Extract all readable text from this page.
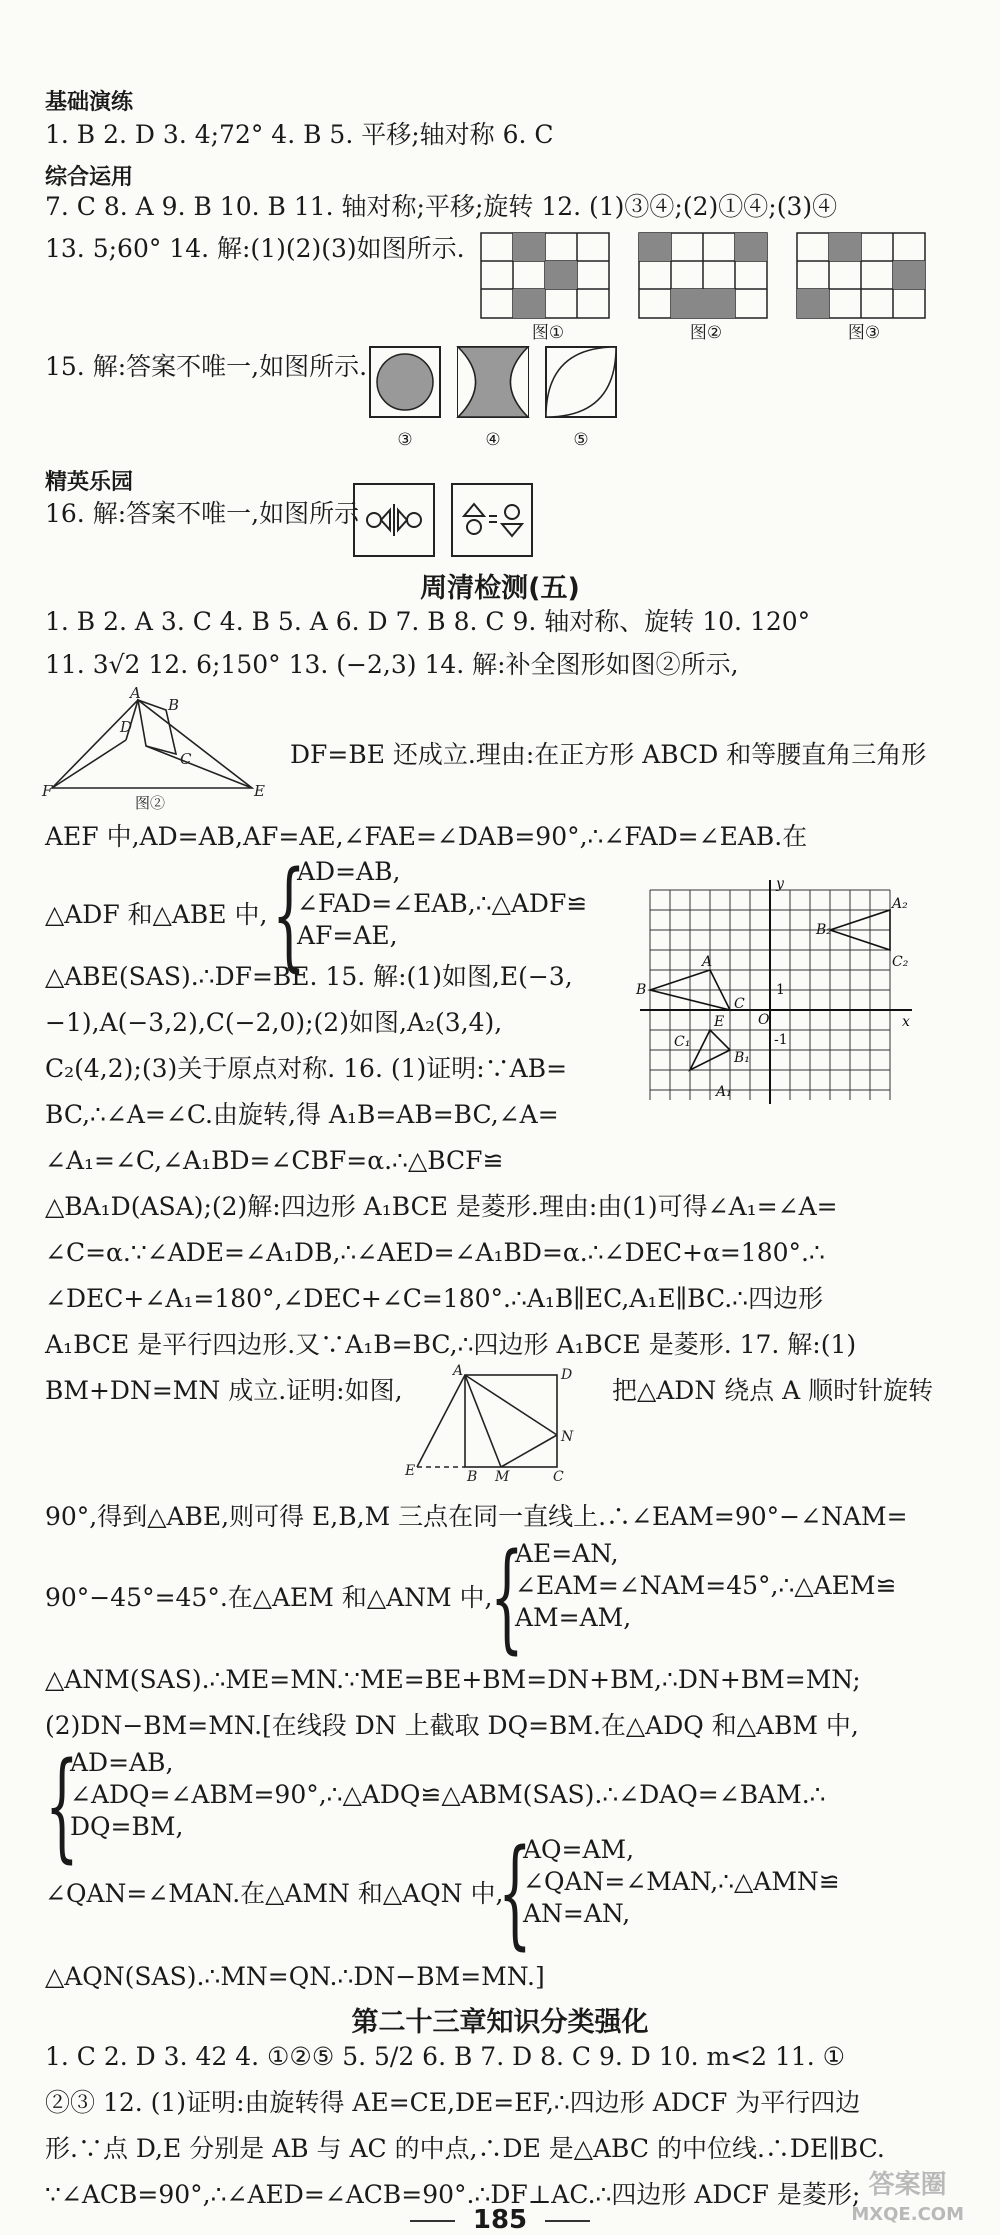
基础演练
1. B 2. D 3. 4;72° 4. B 5. 平移;轴对称 6. C
综合运用
7. C 8. A 9. B 10. B 11. 轴对称;平移;旋转 12. (1)③④;(2)①④;(3)④
13. 5;60° 14. 解:(1)(2)(3)如图所示.
图①	图②	图③
15. 解:答案不唯一,如图所示.
③	④	⑤
精英乐园
16. 解:答案不唯一,如图所示
周清检测(五)
1. B 2. A 3. C 4. B 5. A 6. D 7. B 8. C 9. 轴对称、旋转 10. 120°
11. 3√2 12. 6;150° 13. (−2,3) 14. 解:补全图形如图②所示,
A
B
C
D
E
F
图②
DF=BE 还成立.理由:在正方形 ABCD 和等腰直角三角形
AEF 中,AD=AB,AF=AE,∠FAE=∠DAB=90°,∴∠FAD=∠EAB.在
△ADF 和△ABE 中, {
AD=AB,
∠FAD=∠EAB,∴△ADF≌
AF=AE,
y
x
O
1
-1
A
B
C
E
A₁
B₁
C₁
A₂
B₂
C₂
△ABE(SAS).∴DF=BE. 15. 解:(1)如图,E(−3,
−1),A(−3,2),C(−2,0);(2)如图,A₂(3,4),
C₂(4,2);(3)关于原点对称. 16. (1)证明:∵AB=
BC,∴∠A=∠C.由旋转,得 A₁B=AB=BC,∠A=
∠A₁=∠C,∠A₁BD=∠CBF=α.∴△BCF≌
△BA₁D(ASA);(2)解:四边形 A₁BCE 是菱形.理由:由(1)可得∠A₁=∠A=
∠C=α.∵∠ADE=∠A₁DB,∴∠AED=∠A₁BD=α.∴∠DEC+α=180°.∴
∠DEC+∠A₁=180°,∠DEC+∠C=180°.∴A₁B∥EC,A₁E∥BC.∴四边形
A₁BCE 是平行四边形.又∵A₁B=BC,∴四边形 A₁BCE 是菱形. 17. 解:(1)
BM+DN=MN 成立.证明:如图,	把△ADN 绕点 A 顺时针旋转
A	D
N
B M	C
E
90°,得到△ABE,则可得 E,B,M 三点在同一直线上.∴∠EAM=90°−∠NAM=
90°−45°=45°.在△AEM 和△ANM 中,
{
AE=AN,
∠EAM=∠NAM=45°,∴△AEM≌
AM=AM,
△ANM(SAS).∴ME=MN.∵ME=BE+BM=DN+BM,∴DN+BM=MN;
(2)DN−BM=MN.[在线段 DN 上截取 DQ=BM.在△ADQ 和△ABM 中,
{
AD=AB,
∠ADQ=∠ABM=90°,∴△ADQ≌△ABM(SAS).∴∠DAQ=∠BAM.∴
DQ=BM,
∠QAN=∠MAN.在△AMN 和△AQN 中,
{
AQ=AM,
∠QAN=∠MAN,∴△AMN≌
AN=AN,
△AQN(SAS).∴MN=QN.∴DN−BM=MN.]
第二十三章知识分类强化
1. C 2. D 3. 42 4. ①②⑤ 5. 5/2 6. B 7. D 8. C 9. D 10. m<2 11. ①
②③ 12. (1)证明:由旋转得 AE=CE,DE=EF,∴四边形 ADCF 为平行四边
形.∵点 D,E 分别是 AB 与 AC 的中点,∴DE 是△ABC 的中位线.∴DE∥BC.
∵∠ACB=90°,∴∠AED=∠ACB=90°.∴DF⊥AC.∴四边形 ADCF 是菱形;
185
答案圈
MXQE.COM
